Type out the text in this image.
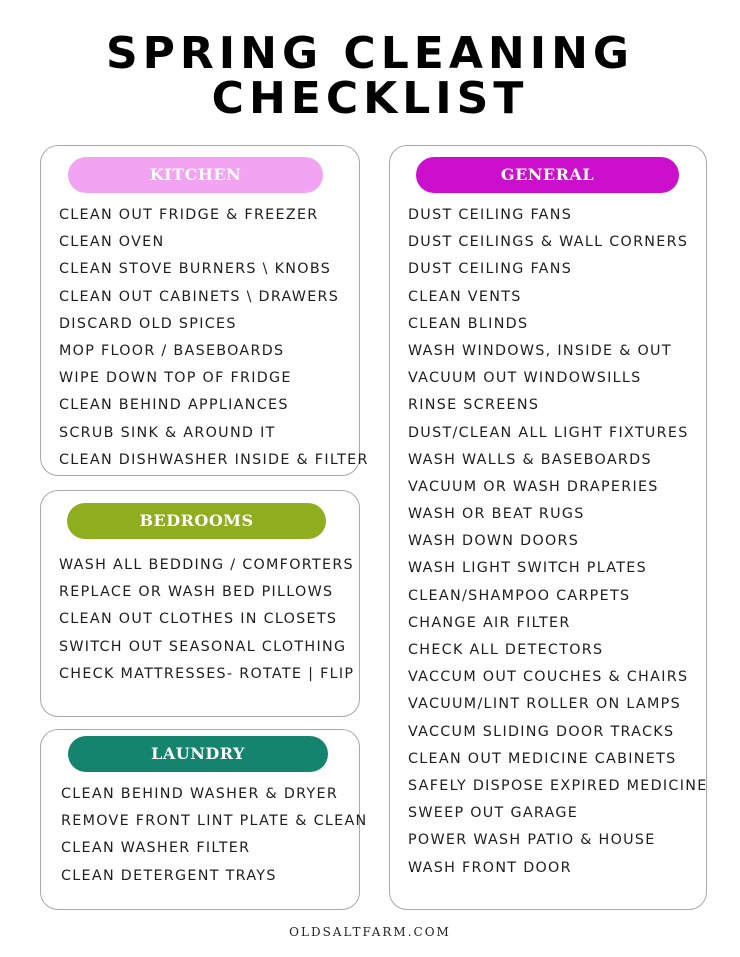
SPRING CLEANING
CHECKLIST
KITCHEN
CLEAN OUT FRIDGE & FREEZER
CLEAN OVEN
CLEAN STOVE BURNERS \ KNOBS
CLEAN OUT CABINETS \ DRAWERS
DISCARD OLD SPICES
MOP FLOOR / BASEBOARDS
WIPE DOWN TOP OF FRIDGE
CLEAN BEHIND APPLIANCES
SCRUB SINK & AROUND IT
CLEAN DISHWASHER INSIDE & FILTER
BEDROOMS
WASH ALL BEDDING / COMFORTERS
REPLACE OR WASH BED PILLOWS
CLEAN OUT CLOTHES IN CLOSETS
SWITCH OUT SEASONAL CLOTHING
CHECK MATTRESSES- ROTATE | FLIP
LAUNDRY
CLEAN BEHIND WASHER & DRYER
REMOVE FRONT LINT PLATE & CLEAN
CLEAN WASHER FILTER
CLEAN DETERGENT TRAYS
GENERAL
DUST CEILING FANS
DUST CEILINGS & WALL CORNERS
DUST CEILING FANS
CLEAN VENTS
CLEAN BLINDS
WASH WINDOWS, INSIDE & OUT
VACUUM OUT WINDOWSILLS
RINSE SCREENS
DUST/CLEAN ALL LIGHT FIXTURES
WASH WALLS & BASEBOARDS
VACUUM OR WASH DRAPERIES
WASH OR BEAT RUGS
WASH DOWN DOORS
WASH LIGHT SWITCH PLATES
CLEAN/SHAMPOO CARPETS
CHANGE AIR FILTER
CHECK ALL DETECTORS
VACCUM OUT COUCHES & CHAIRS
VACUUM/LINT ROLLER ON LAMPS
VACCUM SLIDING DOOR TRACKS
CLEAN OUT MEDICINE CABINETS
SAFELY DISPOSE EXPIRED MEDICINE
SWEEP OUT GARAGE
POWER WASH PATIO & HOUSE
WASH FRONT DOOR
OLDSALTFARM.COM
